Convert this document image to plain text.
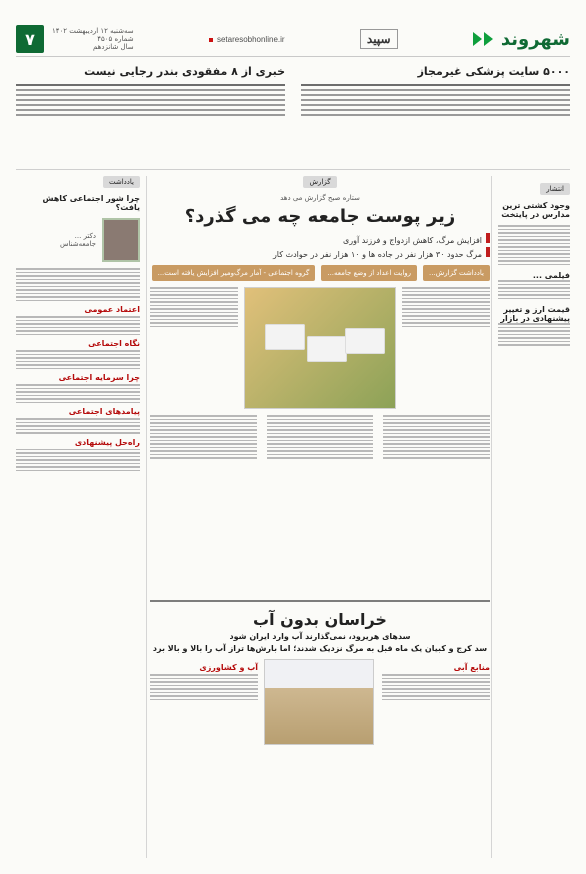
شهروند
سپید
setaresobhonline.ir
سه‌شنبه ۱۲ اردیبهشت ۱۴۰۲
شماره ۴۵۰۵
سال شانزدهم
۷
۵۰۰۰ سایت پزشکی غیرمجاز
خبری از ۸ مفقودی بندر رجایی نیست
یادداشت
چرا شور اجتماعی کاهش یافت؟
دکتر ...
جامعه‌شناس
اعتماد عمومی
نگاه اجتماعی
چرا سرمایه اجتماعی
پیامدهای اجتماعی
راه‌حل پیشنهادی
انتشار
وجود کشتی ترین مدارس در پایتخت
فیلمی ...
قیمت ارز و تغییر پیشنهادی در بازار
گزارش
ستاره صبح گزارش می دهد
زیر پوست جامعه چه می گذرد؟
افزایش مرگ، کاهش ازدواج و فرزند آوری
مرگ حدود ۳۰ هزار نفر در جاده ها و ۱۰ هزار نفر در حوادث کار
یادداشت گزارش...
روایت اعداد از وضع جامعه...
گروه اجتماعی - آمار مرگ‌ومیر افزایش یافته است...
خراسان بدون آب
سدهای هریرود، نمی‌گذارند آب وارد ایران شود
سد کرج و کبیان یک ماه قبل به مرگ نزدیک شدند؛ اما بارش‌ها تراز آب را بالا و بالا برد
منابع آبی
آب و کشاورزی
